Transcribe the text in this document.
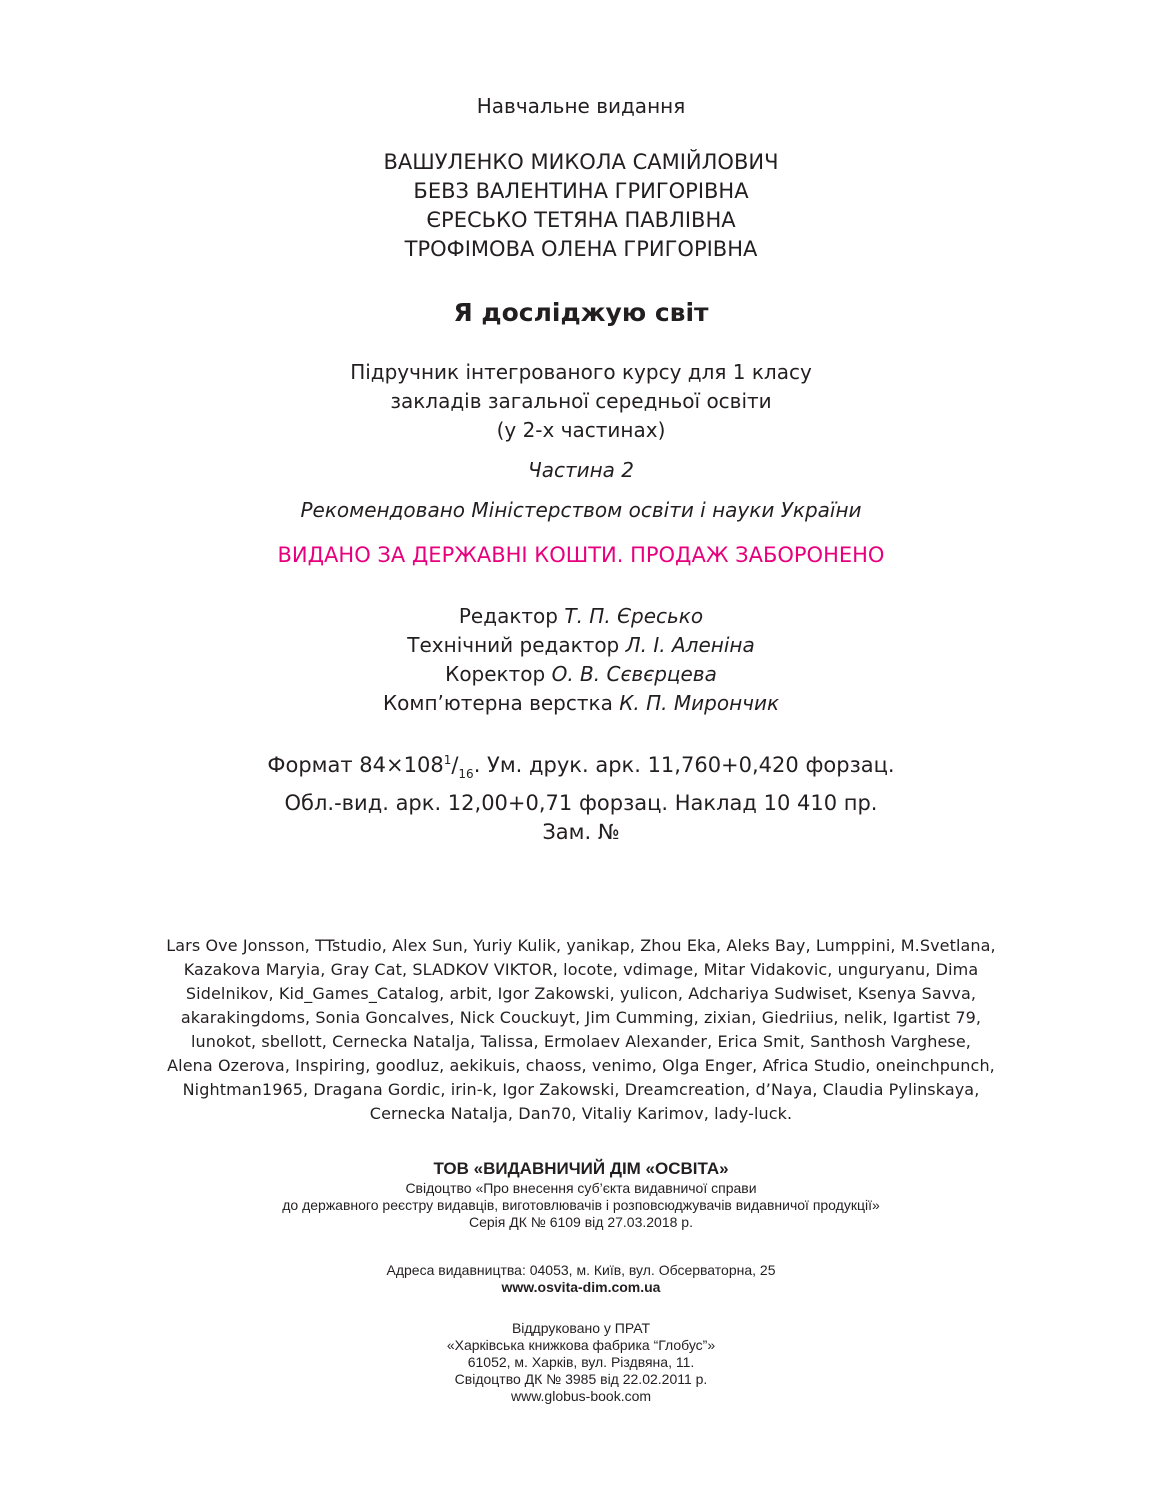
Навчальне видання
ВАШУЛЕНКО МИКОЛА САМІЙЛОВИЧ
БЕВЗ ВАЛЕНТИНА ГРИГОРІВНА
ЄРЕСЬКО ТЕТЯНА ПАВЛІВНА
ТРОФІМОВА ОЛЕНА ГРИГОРІВНА
Я досліджую світ
Підручник інтегрованого курсу для 1 класу
закладів загальної середньої освіти
(у 2-х частинах)
Частина 2
Рекомендовано Міністерством освіти і науки України
ВИДАНО ЗА ДЕРЖАВНІ КОШТИ. ПРОДАЖ ЗАБОРОНЕНО
Редактор Т. П. Єресько
Технічний редактор Л. І. Аленіна
Коректор О. В. Сєвєрцева
Комп’ютерна верстка К. П. Мирончик
Формат $84\times 108^1/_{16}$. Ум. друк. арк. 11,760+0,420 форзац.
Обл.-вид. арк. 12,00+0,71 форзац. Наклад 10 410 пр.
Зам. №
Lars Ove Jonsson, TTstudio, Alex Sun, Yuriy Kulik, yanikap, Zhou Eka, Aleks Bay, Lumppini, M.Svetlana,
Kazakova Maryia, Gray Cat, SLADKOV VIKTOR, locote, vdimage, Mitar Vidakovic, unguryanu, Dima
Sidelnikov, Kid_Games_Catalog, arbit, Igor Zakowski, yulicon, Adchariya Sudwiset, Ksenya Savva,
akarakingdoms, Sonia Goncalves, Nick Couckuyt, Jim Cumming, zixian, Giedriius, nelik, Igartist 79,
lunokot, sbellott, Cernecka Natalja, Talissa, Ermolaev Alexander, Erica Smit, Santhosh Varghese,
Alena Ozerova, Inspiring, goodluz, aekikuis, chaoss, venimo, Olga Enger, Africa Studio, oneinchpunch,
Nightman1965, Dragana Gordic, irin-k, Igor Zakowski, Dreamcreation, d’Naya, Claudia Pylinskaya,
Cernecka Natalja, Dan70, Vitaliy Karimov, lady-luck.
ТОВ «ВИДАВНИЧИЙ ДІМ «ОСВІТА»
Свідоцтво «Про внесення суб’єкта видавничої справи
до державного реєстру видавців, виготовлювачів і розповсюджувачів видавничої продукції»
Серія ДК № 6109 від 27.03.2018 р.
Адреса видавництва: 04053, м. Київ, вул. Обсерваторна, 25
www.osvita-dim.com.ua
Віддруковано у ПРАТ
«Харківська книжкова фабрика “Глобус”»
61052, м. Харків, вул. Різдвяна, 11.
Свідоцтво ДК № 3985 від 22.02.2011 р.
www.globus-book.com
